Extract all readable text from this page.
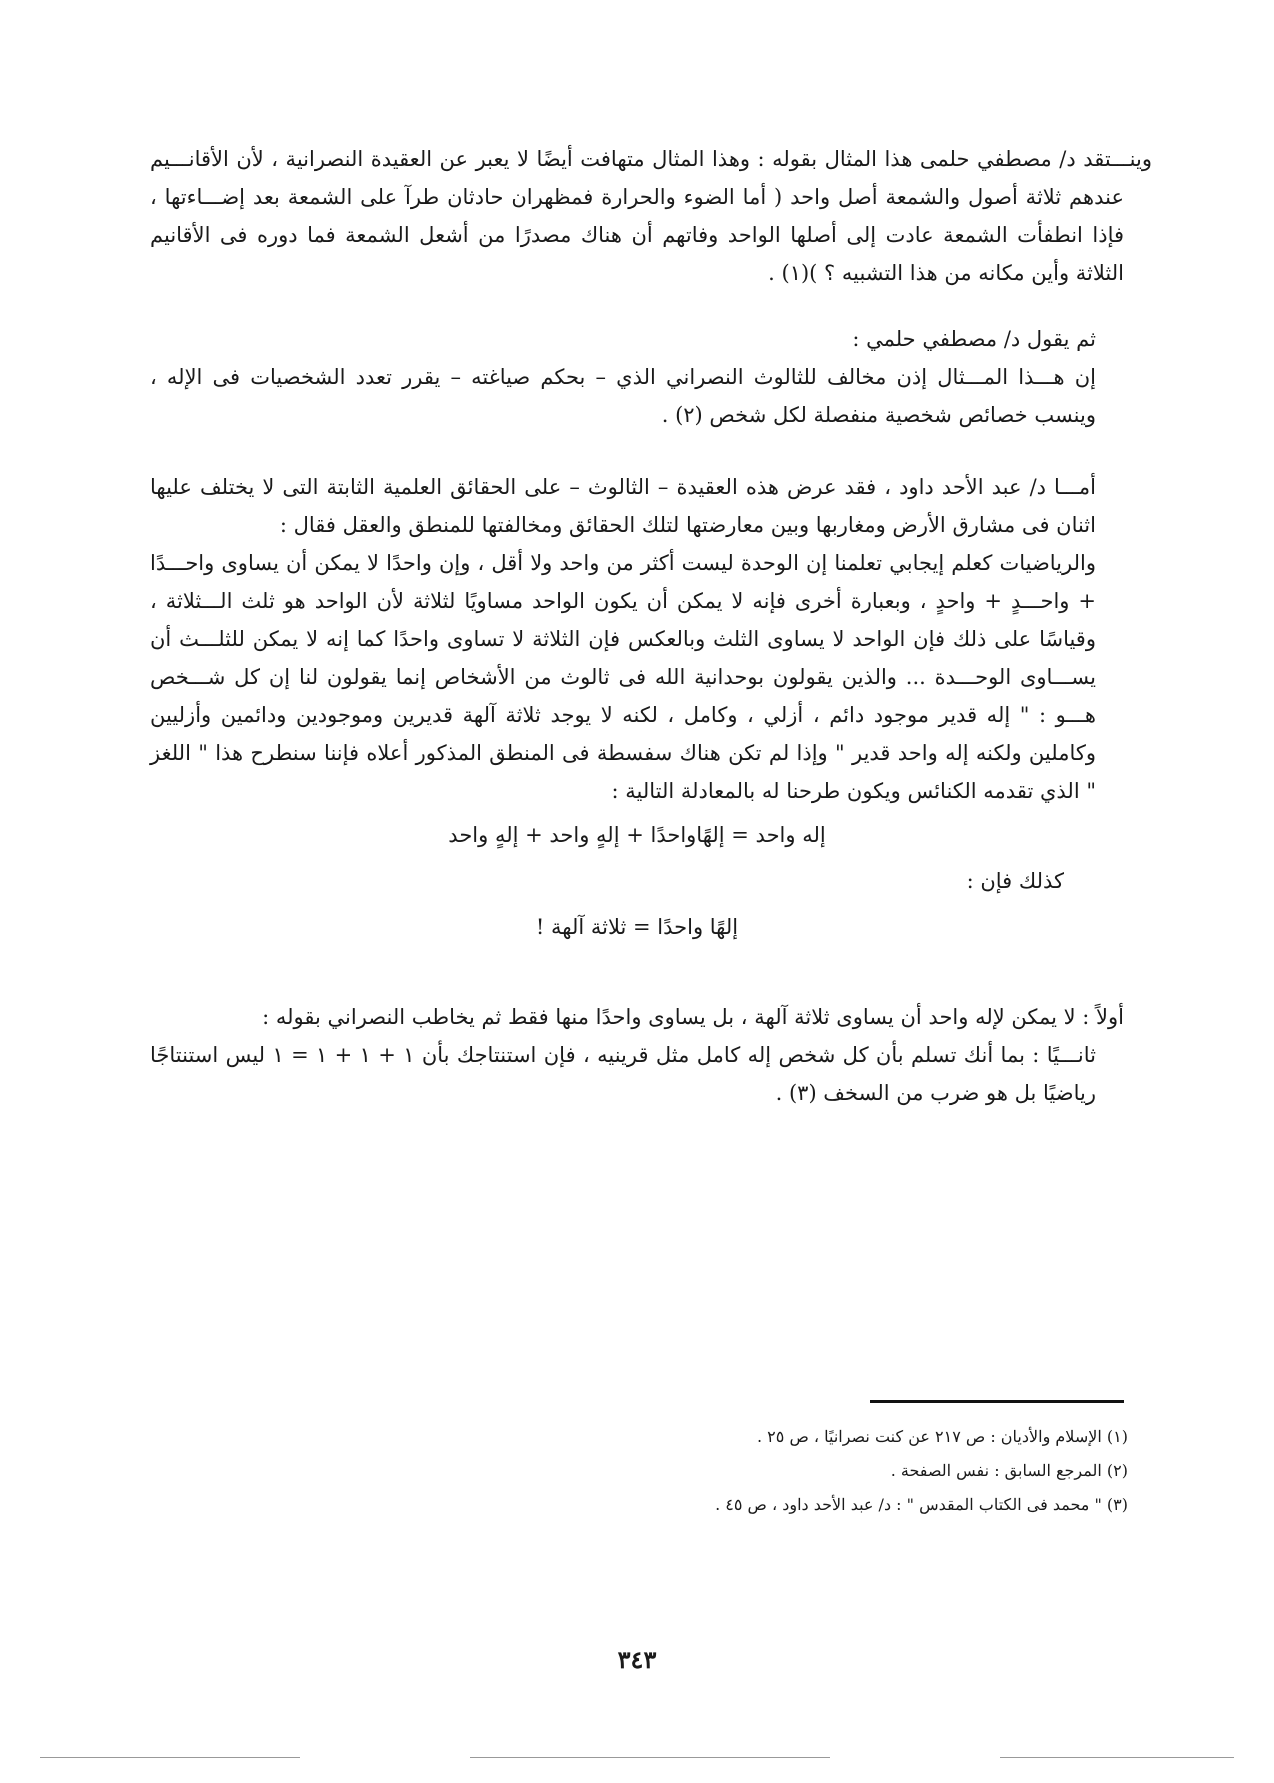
وينـــتقد د/ مصطفي حلمى هذا المثال بقوله : وهذا المثال متهافت أيضًا لا يعبر عن العقيدة النصرانية ، لأن الأقانـــيم عندهم ثلاثة أصول والشمعة أصل واحد ( أما الضوء والحرارة فمظهران حادثان طرآ على الشمعة بعد إضـــاءتها ، فإذا انطفأت الشمعة عادت إلى أصلها الواحد وفاتهم أن هناك مصدرًا من أشعل الشمعة فما دوره فى الأقانيم الثلاثة وأين مكانه من هذا التشبيه ؟ )(١) .

ثم يقول د/ مصطفي حلمي :

إن هـــذا المـــثال إذن مخالف للثالوث النصراني الذي – بحكم صياغته – يقرر تعدد الشخصيات فى الإله ، وينسب خصائص شخصية منفصلة لكل شخص (٢) .

أمـــا د/ عبد الأحد داود ، فقد عرض هذه العقيدة – الثالوث – على الحقائق العلمية الثابتة التى لا يختلف عليها اثنان فى مشارق الأرض ومغاربها وبين معارضتها لتلك الحقائق ومخالفتها للمنطق والعقل فقال :

والرياضيات كعلم إيجابي تعلمنا إن الوحدة ليست أكثر من واحد ولا أقل ، وإن واحدًا لا يمكن أن يساوى واحـــدًا + واحـــدٍ + واحدٍ ، وبعبارة أخرى فإنه لا يمكن أن يكون الواحد مساويًا لثلاثة لأن الواحد هو ثلث الـــثلاثة ، وقياسًا على ذلك فإن الواحد لا يساوى الثلث وبالعكس فإن الثلاثة لا تساوى واحدًا كما إنه لا يمكن للثلـــث أن يســـاوى الوحـــدة ... والذين يقولون بوحدانية الله فى ثالوث من الأشخاص إنما يقولون لنا إن كل شـــخص هـــو : " إله قدير موجود دائم ، أزلي ، وكامل ، لكنه لا يوجد ثلاثة آلهة قديرين وموجودين ودائمين وأزليين وكاملين ولكنه إله واحد قدير " وإذا لم تكن هناك سفسطة فى المنطق المذكور أعلاه فإننا سنطرح هذا " اللغز " الذي تقدمه الكنائس ويكون طرحنا له بالمعادلة التالية :

إله واحد = إلهًاواحدًا + إلهٍ واحد + إلهٍ واحد

كذلك فإن :

إلهًا واحدًا = ثلاثة آلهة !

أولاً : لا يمكن لإله واحد أن يساوى ثلاثة آلهة ، بل يساوى واحدًا منها فقط ثم يخاطب النصراني بقوله :

ثانـــيًا : بما أنك تسلم بأن كل شخص إله كامل مثل قرينيه ، فإن استنتاجك بأن ١ + ١ + ١ = ١ ليس استنتاجًا رياضيًا بل هو ضرب من السخف (٣) .

(١) الإسلام والأديان : ص ٢١٧ عن كنت نصرانيًا ، ص ٢٥ .

(٢) المرجع السابق : نفس الصفحة .

(٣) " محمد فى الكتاب المقدس " : د/ عبد الأحد داود ، ص ٤٥ .

٣٤٣
